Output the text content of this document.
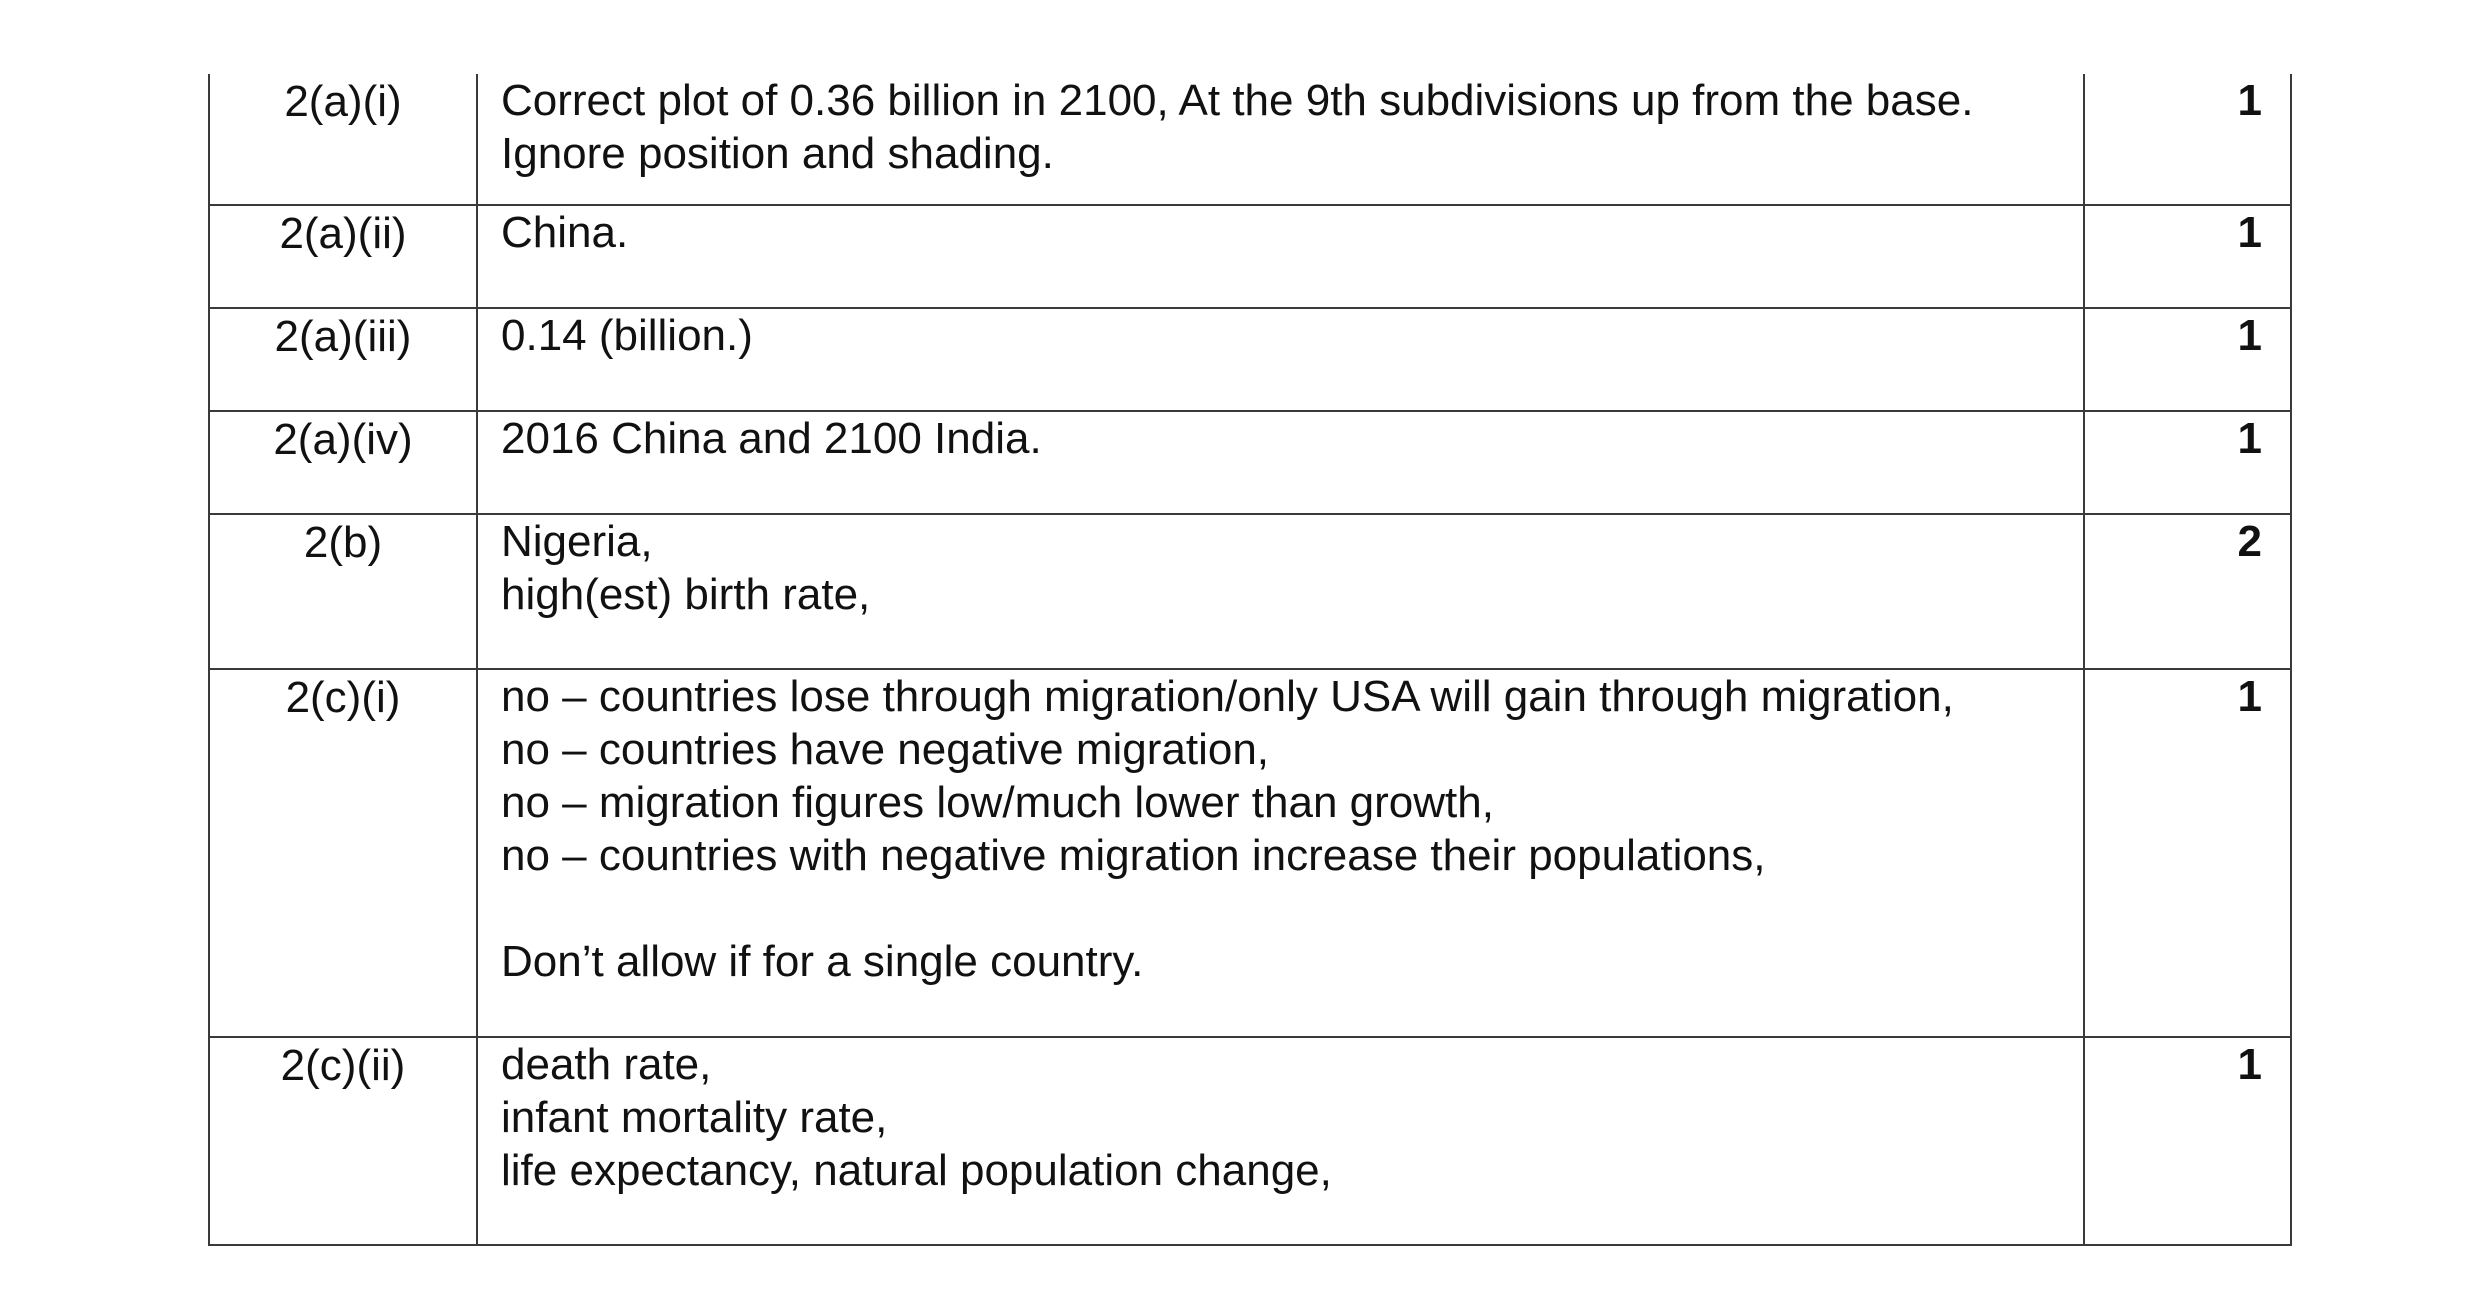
2(a)(i)	Correct plot of 0.36 billion in 2100, At the 9th subdivisions up from the base.
Ignore position and shading.	1
2(a)(ii)	China.	1
2(a)(iii)	0.14 (billion.)	1
2(a)(iv)	2016 China and 2100 India.	1
2(b)	Nigeria,
high(est) birth rate,	2
2(c)(i)	no – countries lose through migration/only USA will gain through migration,
no – countries have negative migration,
no – migration figures low/much lower than growth,
no – countries with negative migration increase their populations,
Don’t allow if for a single country.	1
2(c)(ii)	death rate,
infant mortality rate,
life expectancy, natural population change,	1
